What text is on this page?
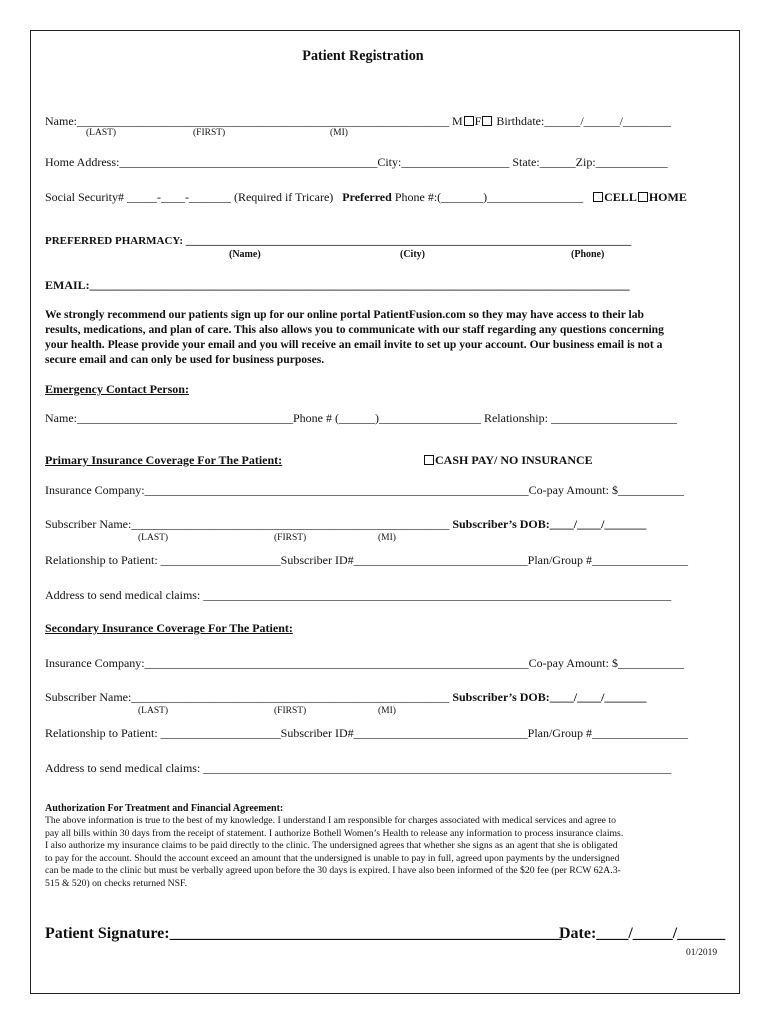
Patient Registration
Name:______________________________________________________________ M F Birthdate:______/______/________
(LAST)	(FIRST)	(MI)
Home Address:___________________________________________City:__________________ State:______Zip:____________
Social Security# _____-____-_______ (Required if Tricare) Preferred Phone #:(_______)________________ CELL HOME
PREFERRED PHARMACY: _________________________________________________________________________________
(Name)	(City)	(Phone)
EMAIL:__________________________________________________________________________________________
We strongly recommend our patients sign up for our online portal PatientFusion.com so they may have access to their lab
results, medications, and plan of care. This also allows you to communicate with our staff regarding any questions concerning
your health. Please provide your email and you will receive an email invite to set up your account. Our business email is not a
secure email and can only be used for business purposes.
Emergency Contact Person:
Name:____________________________________Phone # (______)_________________ Relationship: _____________________
Primary Insurance Coverage For The Patient:	CASH PAY/ NO INSURANCE
Insurance Company:________________________________________________________________Co-pay Amount: $___________
Subscriber Name:_____________________________________________________ Subscriber’s DOB:____/____/_______
(LAST)	(FIRST)	(MI)
Relationship to Patient: ____________________Subscriber ID#_____________________________Plan/Group #________________
Address to send medical claims: ______________________________________________________________________________
Secondary Insurance Coverage For The Patient:
Insurance Company:________________________________________________________________Co-pay Amount: $___________
Subscriber Name:_____________________________________________________ Subscriber’s DOB:____/____/_______
(LAST)	(FIRST)	(MI)
Relationship to Patient: ____________________Subscriber ID#_____________________________Plan/Group #________________
Address to send medical claims: ______________________________________________________________________________
Authorization For Treatment and Financial Agreement:
The above information is true to the best of my knowledge. I understand I am responsible for charges associated with medical services and agree to
pay all bills within 30 days from the receipt of statement. I authorize Bothell Women’s Health to release any information to process insurance claims.
I also authorize my insurance claims to be paid directly to the clinic. The undersigned agrees that whether she signs as an agent that she is obligated
to pay for the account. Should the account exceed an amount that the undersigned is unable to pay in full, agreed upon payments by the undersigned
can be made to the clinic but must be verbally agreed upon before the 30 days is expired. I have also been informed of the $20 fee (per RCW 62A.3-
515 & 520) on checks returned NSF.
Patient Signature:_________________________________________________
Date:____/_____/______
01/2019
